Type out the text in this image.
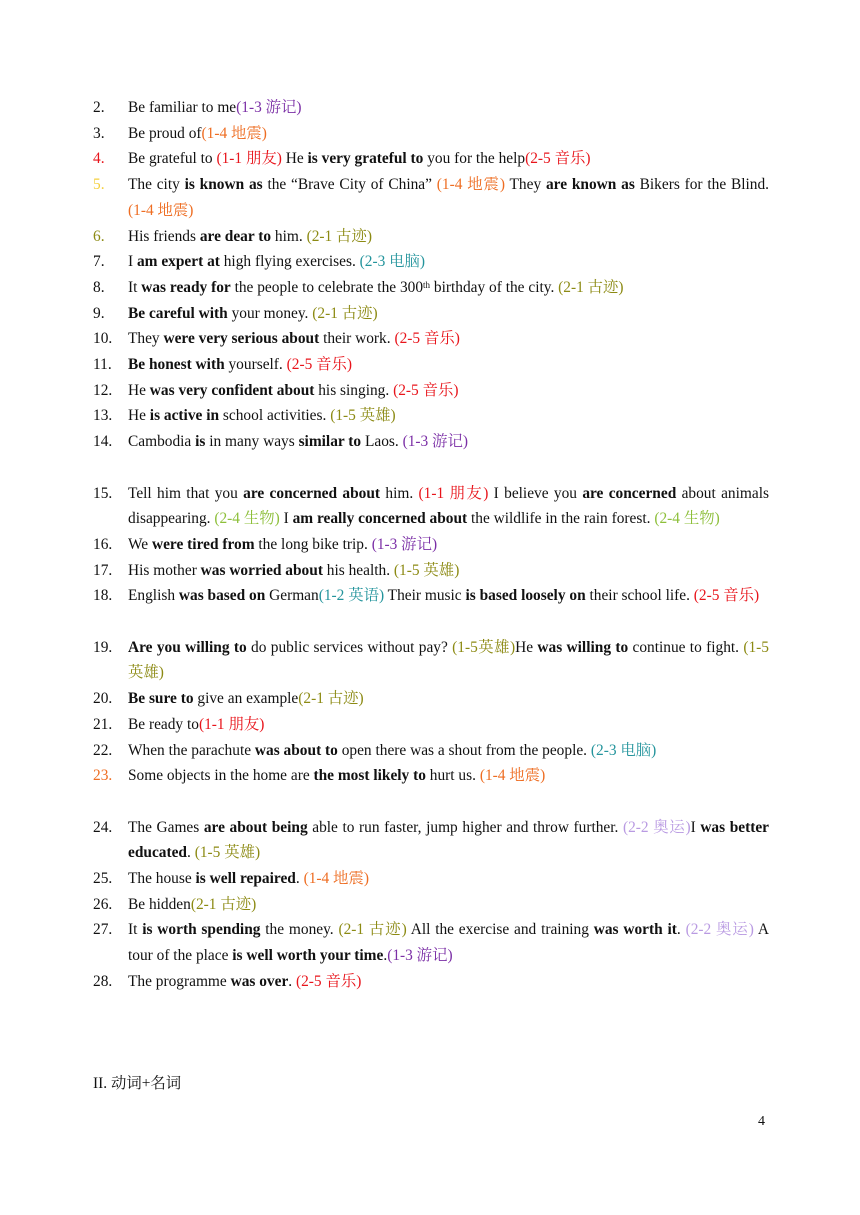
2. Be familiar to me(1-3 游记)
3. Be proud of(1-4 地震)
4. Be grateful to (1-1 朋友) He is very grateful to you for the help(2-5 音乐)
5. The city is known as the “Brave City of China” (1-4 地震) They are known as Bikers for the Blind. (1-4 地震)
6. His friends are dear to him. (2-1 古迹)
7. I am expert at high flying exercises. (2-3 电脑)
8. It was ready for the people to celebrate the 300th birthday of the city. (2-1 古迹)
9. Be careful with your money. (2-1 古迹)
10. They were very serious about their work. (2-5 音乐)
11. Be honest with yourself. (2-5 音乐)
12. He was very confident about his singing. (2-5 音乐)
13. He is active in school activities. (1-5 英雄)
14. Cambodia is in many ways similar to Laos. (1-3 游记)
15. Tell him that you are concerned about him. (1-1 朋友) I believe you are concerned about animals disappearing. (2-4 生物) I am really concerned about the wildlife in the rain forest. (2-4 生物)
16. We were tired from the long bike trip. (1-3 游记)
17. His mother was worried about his health. (1-5 英雄)
18. English was based on German(1-2 英语) Their music is based loosely on their school life. (2-5 音乐)
19. Are you willing to do public services without pay? (1-5英雄)He was willing to continue to fight. (1-5 英雄)
20. Be sure to give an example(2-1 古迹)
21. Be ready to(1-1 朋友)
22. When the parachute was about to open there was a shout from the people. (2-3 电脑)
23. Some objects in the home are the most likely to hurt us. (1-4 地震)
24. The Games are about being able to run faster, jump higher and throw further. (2-2 奥运)I was better educated. (1-5 英雄)
25. The house is well repaired. (1-4 地震)
26. Be hidden(2-1 古迹)
27. It is worth spending the money. (2-1 古迹) All the exercise and training was worth it. (2-2 奥运) A tour of the place is well worth your time.(1-3 游记)
28. The programme was over. (2-5 音乐)
II. 动词+名词
4
